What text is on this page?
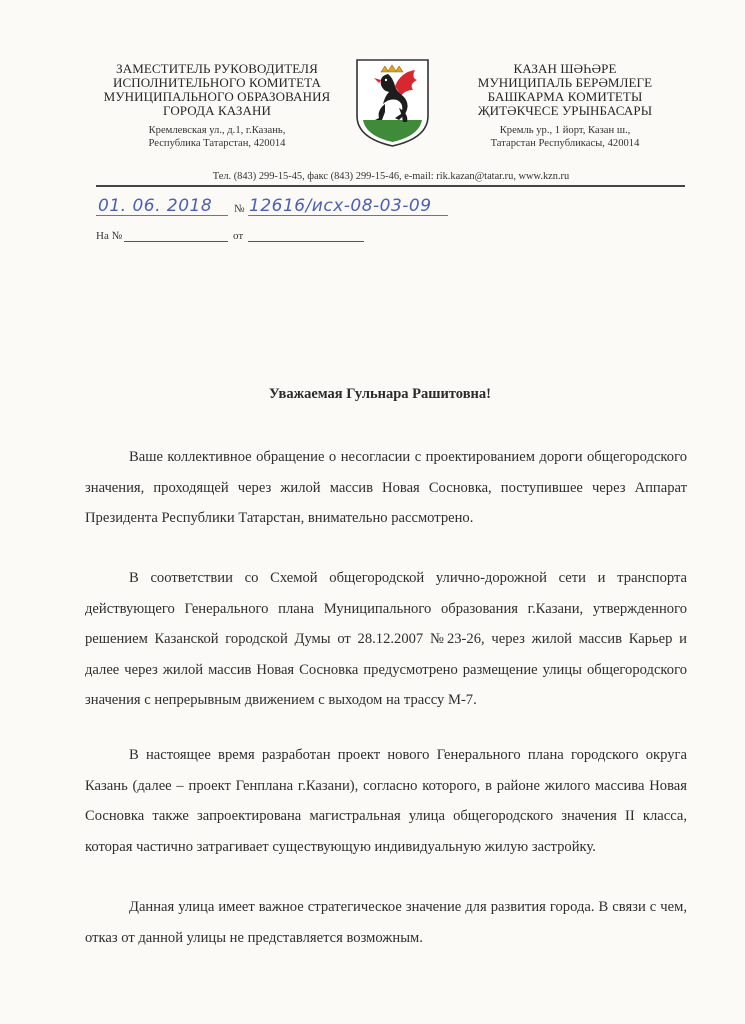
ЗАМЕСТИТЕЛЬ РУКОВОДИТЕЛЯ
ИСПОЛНИТЕЛЬНОГО КОМИТЕТА
МУНИЦИПАЛЬНОГО ОБРАЗОВАНИЯ
ГОРОДА КАЗАНИ

Кремлевская ул., д.1, г.Казань,
Республика Татарстан, 420014

КАЗАН ШӘҺӘРЕ
МУНИЦИПАЛЬ БЕРӘМЛЕГЕ
БАШКАРМА КОМИТЕТЫ
ҖИТӘКЧЕСЕ УРЫНБАСАРЫ

Кремль ур., 1 йорт, Казан ш.,
Татарстан Республикасы, 420014
Тел. (843) 299-15-45, факс (843) 299-15-46, e-mail: rik.kazan@tatar.ru, www.kzn.ru
01. 06. 2018 № 12616/исх-08-03-09
На №	от
Уважаемая Гульнара Рашитовна!

Ваше коллективное обращение о несогласии с проектированием дороги общегородского значения, проходящей через жилой массив Новая Сосновка, поступившее через Аппарат Президента Республики Татарстан, внимательно рассмотрено.

В соответствии со Схемой общегородской улично-дорожной сети и транспорта действующего Генерального плана Муниципального образования г.Казани, утвержденного решением Казанской городской Думы от 28.12.2007 №23-26, через жилой массив Карьер и далее через жилой массив Новая Сосновка предусмотрено размещение улицы общегородского значения с непрерывным движением с выходом на трассу М-7.

В настоящее время разработан проект нового Генерального плана городского округа Казань (далее – проект Генплана г.Казани), согласно которого, в районе жилого массива Новая Сосновка также запроектирована магистральная улица общегородского значения II класса, которая частично затрагивает существующую индивидуальную жилую застройку.

Данная улица имеет важное стратегическое значение для развития города. В связи с чем, отказ от данной улицы не представляется возможным.
